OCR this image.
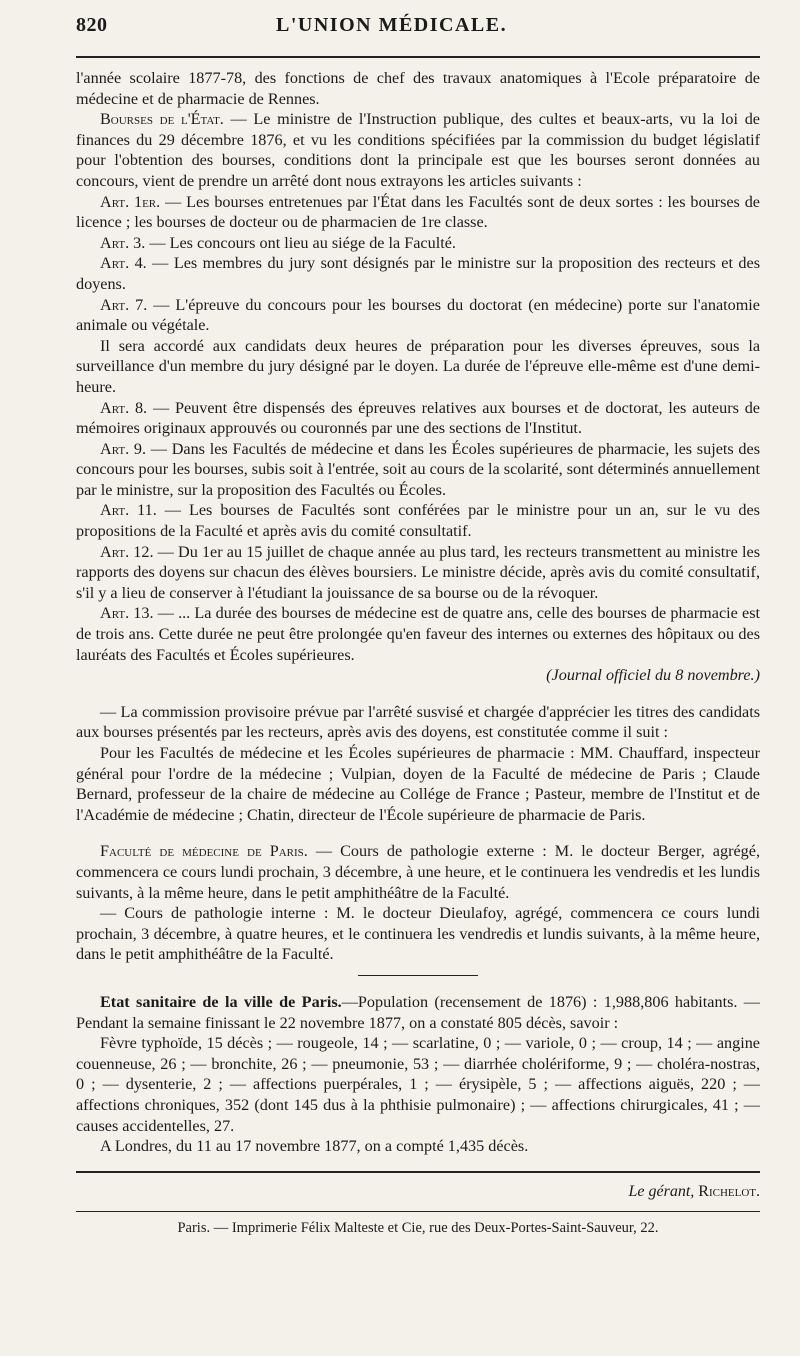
820	L'UNION MÉDICALE.

l'année scolaire 1877-78, des fonctions de chef des travaux anatomiques à l'Ecole préparatoire de médecine et de pharmacie de Rennes.

Bourses de l'État. — Le ministre de l'Instruction publique, des cultes et beaux-arts, vu la loi de finances du 29 décembre 1876, et vu les conditions spécifiées par la commission du budget législatif pour l'obtention des bourses, conditions dont la principale est que les bourses seront données au concours, vient de prendre un arrêté dont nous extrayons les articles suivants :

Art. 1er. — Les bourses entretenues par l'État dans les Facultés sont de deux sortes : les bourses de licence ; les bourses de docteur ou de pharmacien de 1re classe.

Art. 3. — Les concours ont lieu au siége de la Faculté.

Art. 4. — Les membres du jury sont désignés par le ministre sur la proposition des recteurs et des doyens.

Art. 7. — L'épreuve du concours pour les bourses du doctorat (en médecine) porte sur l'anatomie animale ou végétale.

Il sera accordé aux candidats deux heures de préparation pour les diverses épreuves, sous la surveillance d'un membre du jury désigné par le doyen. La durée de l'épreuve elle-même est d'une demi-heure.

Art. 8. — Peuvent être dispensés des épreuves relatives aux bourses et de doctorat, les auteurs de mémoires originaux approuvés ou couronnés par une des sections de l'Institut.

Art. 9. — Dans les Facultés de médecine et dans les Écoles supérieures de pharmacie, les sujets des concours pour les bourses, subis soit à l'entrée, soit au cours de la scolarité, sont déterminés annuellement par le ministre, sur la proposition des Facultés ou Écoles.

Art. 11. — Les bourses de Facultés sont conférées par le ministre pour un an, sur le vu des propositions de la Faculté et après avis du comité consultatif.

Art. 12. — Du 1er au 15 juillet de chaque année au plus tard, les recteurs transmettent au ministre les rapports des doyens sur chacun des élèves boursiers. Le ministre décide, après avis du comité consultatif, s'il y a lieu de conserver à l'étudiant la jouissance de sa bourse ou de la révoquer.

Art. 13. — ... La durée des bourses de médecine est de quatre ans, celle des bourses de pharmacie est de trois ans. Cette durée ne peut être prolongée qu'en faveur des internes ou externes des hôpitaux ou des lauréats des Facultés et Écoles supérieures.

(Journal officiel du 8 novembre.)

— La commission provisoire prévue par l'arrêté susvisé et chargée d'apprécier les titres des candidats aux bourses présentés par les recteurs, après avis des doyens, est constitutée comme il suit :

Pour les Facultés de médecine et les Écoles supérieures de pharmacie : MM. Chauffard, inspecteur général pour l'ordre de la médecine ; Vulpian, doyen de la Faculté de médecine de Paris ; Claude Bernard, professeur de la chaire de médecine au Collége de France ; Pasteur, membre de l'Institut et de l'Académie de médecine ; Chatin, directeur de l'École supérieure de pharmacie de Paris.

Faculté de médecine de Paris. — Cours de pathologie externe : M. le docteur Berger, agrégé, commencera ce cours lundi prochain, 3 décembre, à une heure, et le continuera les vendredis et les lundis suivants, à la même heure, dans le petit amphithéâtre de la Faculté.

— Cours de pathologie interne : M. le docteur Dieulafoy, agrégé, commencera ce cours lundi prochain, 3 décembre, à quatre heures, et le continuera les vendredis et lundis suivants, à la même heure, dans le petit amphithéâtre de la Faculté.

Etat sanitaire de la ville de Paris.—Population (recensement de 1876) : 1,988,806 habitants. — Pendant la semaine finissant le 22 novembre 1877, on a constaté 805 décès, savoir :

Fèvre typhoïde, 15 décès ; — rougeole, 14 ; — scarlatine, 0 ; — variole, 0 ; — croup, 14 ; — angine couenneuse, 26 ; — bronchite, 26 ; — pneumonie, 53 ; — diarrhée cholériforme, 9 ; — choléra-nostras, 0 ; — dysenterie, 2 ; — affections puerpérales, 1 ; — érysipèle, 5 ; — affections aiguës, 220 ; — affections chroniques, 352 (dont 145 dus à la phthisie pulmonaire) ; — affections chirurgicales, 41 ; — causes accidentelles, 27.

A Londres, du 11 au 17 novembre 1877, on a compté 1,435 décès.

Le gérant, Richelot.
Paris. — Imprimerie Félix Malteste et Cie, rue des Deux-Portes-Saint-Sauveur, 22.
